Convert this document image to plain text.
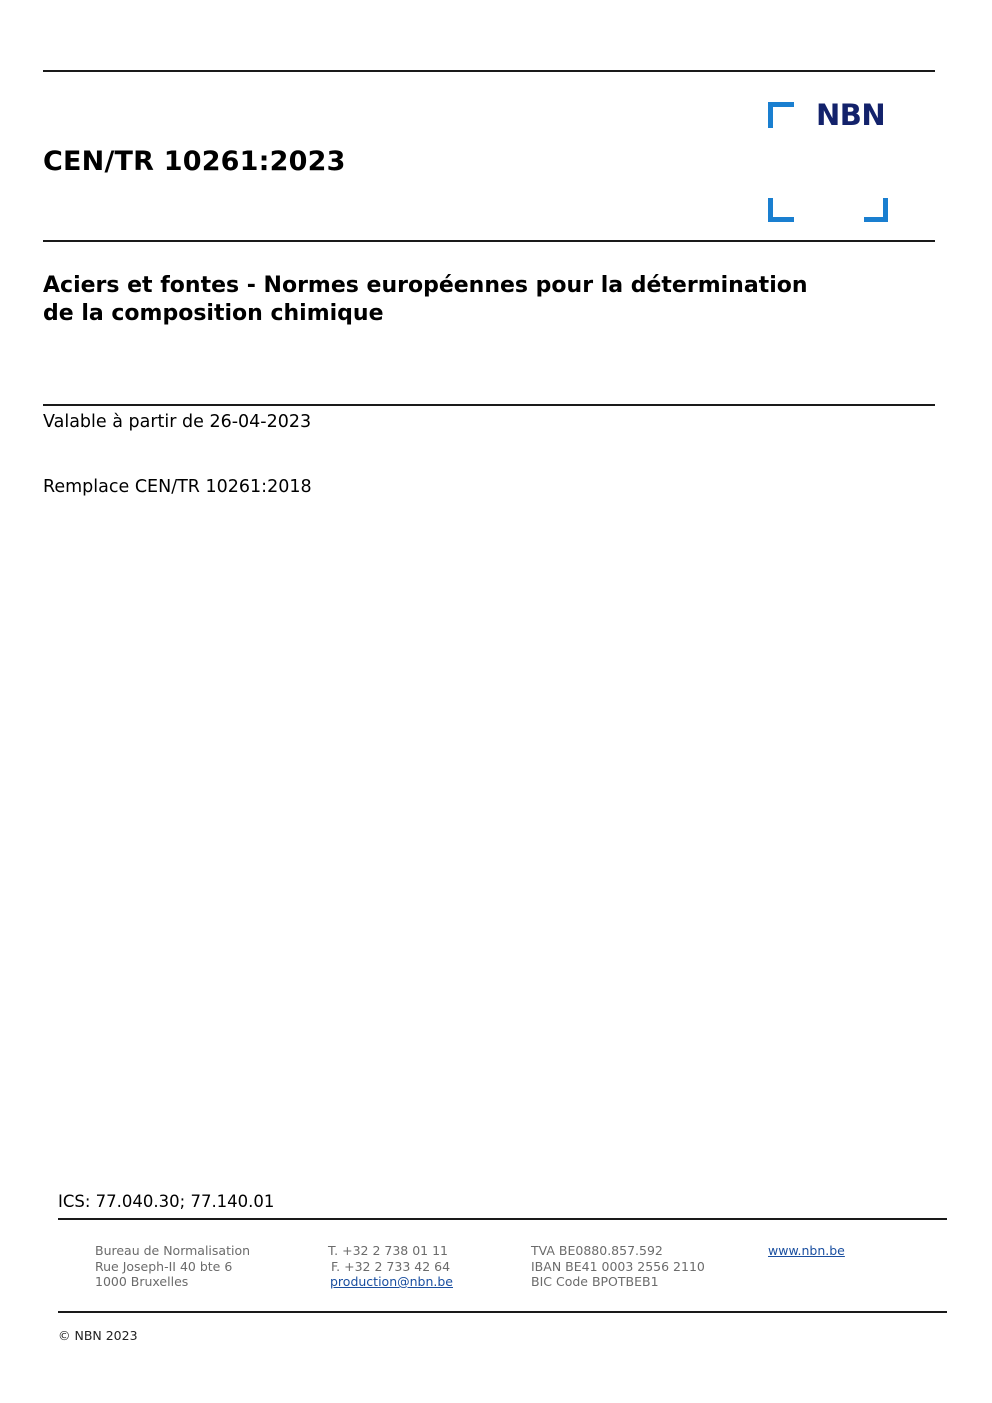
CEN/TR 10261:2023
NBN
Aciers et fontes - Normes européennes pour la détermination
de la composition chimique
Valable à partir de 26-04-2023
Remplace CEN/TR 10261:2018
ICS: 77.040.30; 77.140.01
Bureau de Normalisation
Rue Joseph-II 40 bte 6
1000 Bruxelles
T. +32 2 738 01 11
F. +32 2 733 42 64
production@nbn.be
TVA BE0880.857.592
IBAN BE41 0003 2556 2110
BIC Code BPOTBEB1
www.nbn.be
© NBN 2023
